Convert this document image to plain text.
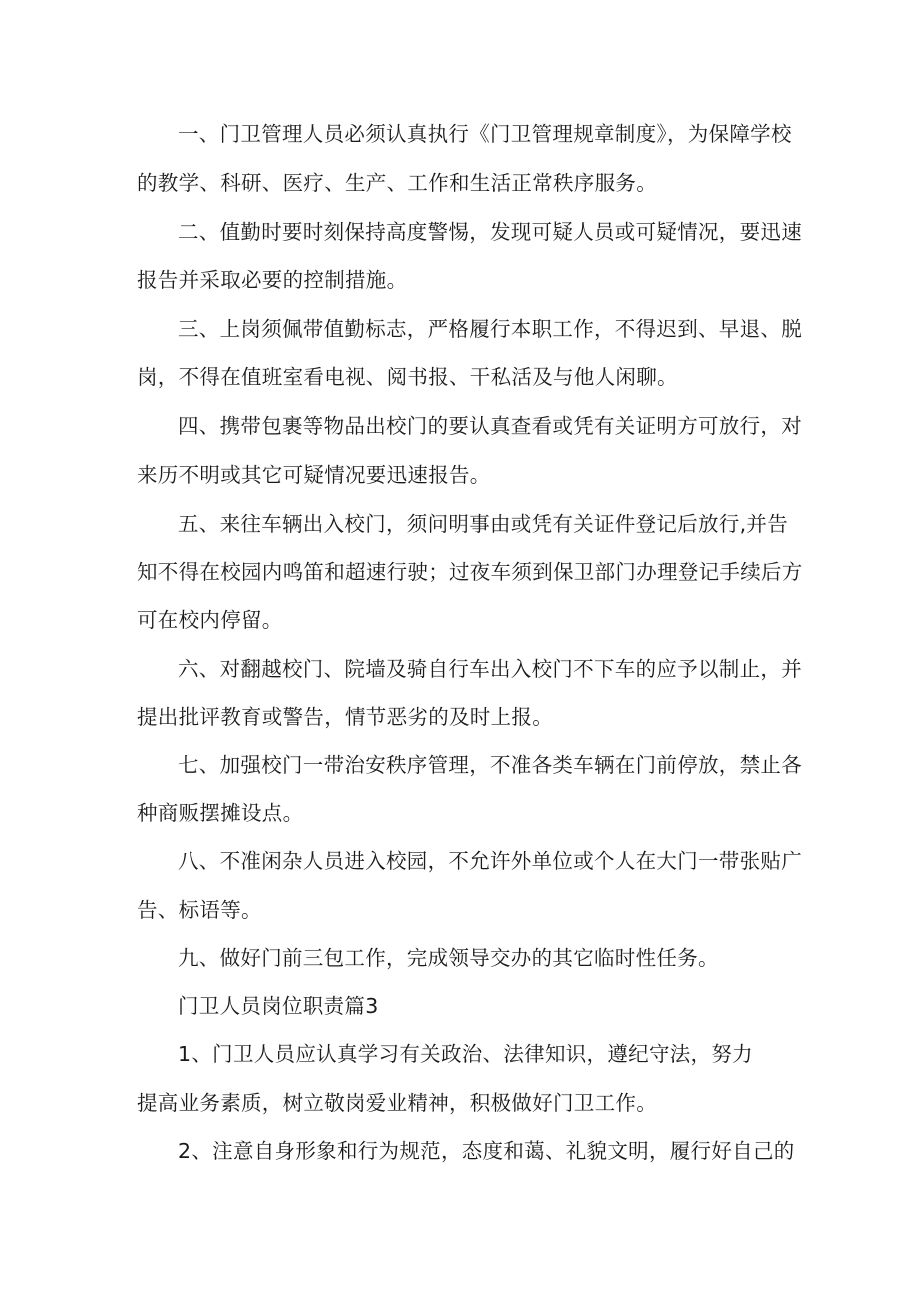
一、门卫管理人员必须认真执行《门卫管理规章制度》，为保障学校
的教学、科研、医疗、生产、工作和生活正常秩序服务。
二、值勤时要时刻保持高度警惕，发现可疑人员或可疑情况，要迅速
报告并采取必要的控制措施。
三、上岗须佩带值勤标志，严格履行本职工作，不得迟到、早退、脱
岗，不得在值班室看电视、阅书报、干私活及与他人闲聊。
四、携带包裹等物品出校门的要认真查看或凭有关证明方可放行，对
来历不明或其它可疑情况要迅速报告。
五、来往车辆出入校门，须问明事由或凭有关证件登记后放行,并告
知不得在校园内鸣笛和超速行驶；过夜车须到保卫部门办理登记手续后方
可在校内停留。
六、对翻越校门、院墙及骑自行车出入校门不下车的应予以制止，并
提出批评教育或警告，情节恶劣的及时上报。
七、加强校门一带治安秩序管理，不准各类车辆在门前停放，禁止各
种商贩摆摊设点。
八、不准闲杂人员进入校园，不允许外单位或个人在大门一带张贴广
告、标语等。
九、做好门前三包工作，完成领导交办的其它临时性任务。
门卫人员岗位职责篇3
1、门卫人员应认真学习有关政治、法律知识，遵纪守法，努力
提高业务素质，树立敬岗爱业精神，积极做好门卫工作。
2、注意自身形象和行为规范，态度和蔼、礼貌文明，履行好自己的
